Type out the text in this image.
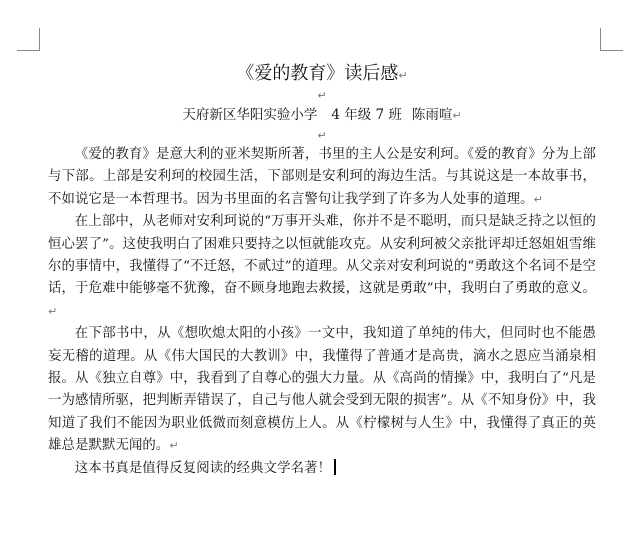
《爱的教育》读后感↵
↵
天府新区华阳实验小学 4 年级 7 班 陈雨喧↵
↵

《爱的教育》是意大利的亚米契斯所著，书里的主人公是安利珂。《爱的教育》分为上部与下部。上部是安利珂的校园生活，下部则是安利珂的海边生活。与其说这是一本故事书，不如说它是一本哲理书。因为书里面的名言警句让我学到了许多为人处事的道理。↵

在上部中，从老师对安利珂说的“万事开头难，你并不是不聪明，而只是缺乏持之以恒的恒心罢了”。这使我明白了困难只要持之以恒就能攻克。从安利珂被父亲批评却迁怒姐姐雪维尔的事情中，我懂得了“不迁怒，不贰过”的道理。从父亲对安利珂说的“勇敢这个名词不是空话，于危难中能够毫不犹豫，奋不顾身地跑去救援，这就是勇敢”中，我明白了勇敢的意义。↵

在下部书中，从《想吹熄太阳的小孩》一文中，我知道了单纯的伟大，但同时也不能愚妄无稽的道理。从《伟大国民的大教训》中，我懂得了普通才是高贵，滴水之恩应当涌泉相报。从《独立自尊》中，我看到了自尊心的强大力量。从《高尚的情操》中，我明白了“凡是一为感情所驱，把判断弄错误了，自己与他人就会受到无限的损害”。从《不知身份》中，我知道了我们不能因为职业低微而刻意模仿上人。从《柠檬树与人生》中，我懂得了真正的英雄总是默默无闻的。↵

这本书真是值得反复阅读的经典文学名著！
